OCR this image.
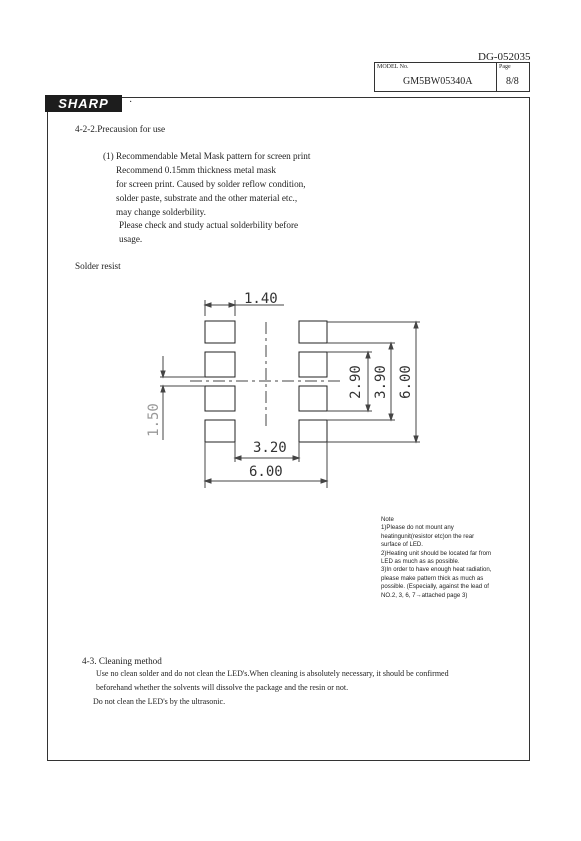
DG-052035
MODEL No.
GM5BW05340A
Page
8/8
SHARP	·
4-2-2.Precausion for use
(1) Recommendable Metal Mask pattern for screen print
Recommend 0.15mm thickness metal mask
for screen print. Caused by solder reflow condition,
solder paste, substrate and the other material etc.,
may change solderbility.
Please check and study actual solderbility before
usage.
Solder resist
1.40
3.20
6.00
2.90 3.90 6.00
1.50
Note
1)Please do not mount any
heatingunit(resistor etc)on the rear
surface of LED.
2)Heating unit should be located far from
LED as much as as possible.
3)In order to have enough heat radiation,
please make pattern thick as much as
possible. (Especially, against the lead of
NO.2, 3, 6, 7→attached page 3)
4-3. Cleaning method
Use no clean solder and do not clean the LED's.When cleaning is absolutely necessary, it should be confirmed
beforehand whether the solvents will dissolve the package and the resin or not.
Do not clean the LED's by the ultrasonic.
